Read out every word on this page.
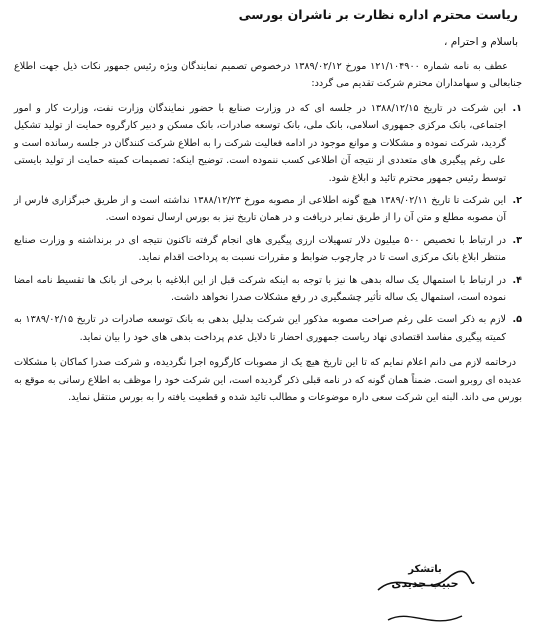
ریاست محترم اداره نظارت بر ناشران بورسی
باسلام و احترام ،

عطف به نامه شماره ۱۲۱/۱۰۴۹۰۰ مورخ ۱۳۸۹/۰۲/۱۲ درخصوص تصمیم نمایندگان ویژه رئیس جمهور نکات ذیل جهت اطلاع جنابعالی و سهامداران محترم شرکت تقدیم می گردد:

۱.
این شرکت در تاریخ ۱۳۸۸/۱۲/۱۵ در جلسه ای که در وزارت صنایع با حضور نمایندگان وزارت نفت، وزارت کار و امور اجتماعی، بانک مرکزی جمهوری اسلامی، بانک ملی، بانک توسعه صادرات، بانک مسکن و دبیر کارگروه حمایت از تولید تشکیل گردید، شرکت نموده و مشکلات و موانع موجود در ادامه فعالیت شرکت را به اطلاع شرکت کنندگان در جلسه رسانده است و علی رغم پیگیری های متعددی از نتیجه آن اطلاعی کسب ننموده است. توضیح اینکه: تصمیمات کمیته حمایت از تولید بایستی توسط رئیس جمهور محترم تائید و ابلاغ شود.
۲.
این شرکت تا تاریخ ۱۳۸۹/۰۲/۱۱ هیچ گونه اطلاعی از مصوبه مورخ ۱۳۸۸/۱۲/۲۳ نداشته است و از طریق خبرگزاری فارس از آن مصوبه مطلع و متن آن را از طریق نمابر دریافت و در همان تاریخ نیز به بورس ارسال نموده است.
۳.
در ارتباط با تخصیص ۵۰۰ میلیون دلار تسهیلات ارزی پیگیری های انجام گرفته تاکنون نتیجه ای در برنداشته و وزارت صنایع منتظر ابلاغ بانک مرکزی است تا در چارچوب ضوابط و مقررات نسبت به پرداخت اقدام نماید.
۴.
در ارتباط با استمهال یک ساله بدهی ها نیز با توجه به اینکه شرکت قبل از این ابلاغیه با برخی از بانک ها تقسیط نامه امضا نموده است، استمهال یک ساله تأثیر چشمگیری در رفع مشکلات صدرا نخواهد داشت.
۵.
لازم به ذکر است علی رغم صراحت مصوبه مذکور این شرکت بدلیل بدهی به بانک توسعه صادرات در تاریخ ۱۳۸۹/۰۲/۱۵ به کمیته پیگیری مفاسد اقتصادی نهاد ریاست جمهوری احضار تا دلایل عدم پرداخت بدهی های خود را بیان نماید.

درخاتمه لازم می دانم اعلام نمایم که تا این تاریخ هیچ یک از مصوبات کارگروه اجرا نگردیده، و شرکت صدرا کماکان با مشکلات عدیده ای روبرو است. ضمناً همان گونه که در نامه قبلی ذکر گردیده است، این شرکت خود را موظف به اطلاع رسانی به موقع به بورس می داند. البته این شرکت سعی داره موضوعات و مطالب تائید شده و قطعیت یافته را به بورس منتقل نماید.

باتشکر
حبیب جدیدی
